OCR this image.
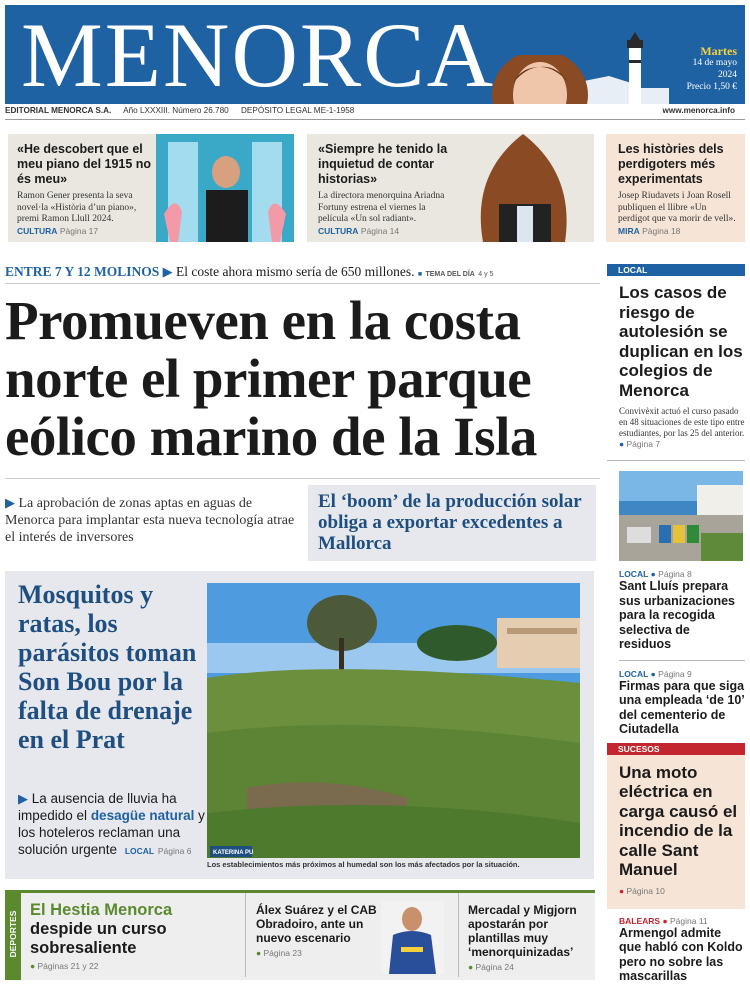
MENORCA	Martes
14 de mayo 2024
Precio 1,50 €
EDITORIAL MENORCA S.A. Año LXXXIII. Número 26.780 DEPÓSITO LEGAL ME-1-1958	www.menorca.info
«He descobert que el meu piano del 1915 no és meu»
Ramon Gener presenta la seva novel·la «Història d’un piano», premi Ramon Llull 2024. CULTURA Pàgina 17
«Siempre he tenido la inquietud de contar historias»
La directora menorquina Ariadna Fortuny estrena el viernes la película «Un sol radiant». CULTURA Página 14
Les històries dels perdigoters més experimentats
Josep Riudavets i Joan Rosell publiquen el llibre «Un perdigot que va morir de vell». MIRA Pàgina 18
ENTRE 7 Y 12 MOLINOS ▶ El coste ahora mismo sería de 650 millones. ■ TEMA DEL DÍA 4 y 5
Promueven en la costa norte el primer parque eólico marino de la Isla
▶ La aprobación de zonas aptas en aguas de Menorca para implantar esta nueva tecnología atrae el interés de inversores
El ‘boom’ de la producción solar obliga a exportar excedentes a Mallorca
Mosquitos y ratas, los parásitos toman Son Bou por la falta de drenaje en el Prat
▶ La ausencia de lluvia ha impedido el desagüe natural y los hoteleros reclaman una solución urgente LOCAL Página 6	KATERINA PU
Los establecimientos más próximos al humedal son los más afectados por la situación.
DEPORTES
El Hestia Menorca
despide un curso sobresaliente
● Páginas 21 y 22
Álex Suárez y el CAB Obradoiro, ante un nuevo escenario
● Página 23
Mercadal y Migjorn apostarán por plantillas muy ‘menorquinizadas’
● Página 24
LOCAL
Los casos de riesgo de autolesión se duplican en los colegios de Menorca
Convivèxit actuó el curso pasado en 48 situaciones de este tipo entre estudiantes, por las 25 del anterior. ● Página 7
LOCAL ● Página 8
Sant Lluís prepara sus urbanizaciones para la recogida selectiva de residuos
LOCAL ● Página 9
Firmas para que siga una empleada ‘de 10’ del cementerio de Ciutadella
SUCESOS
Una moto eléctrica en carga causó el incendio de la calle Sant Manuel
● Página 10
BALEARS ● Página 11
Armengol admite que habló con Koldo pero no sobre las mascarillas
